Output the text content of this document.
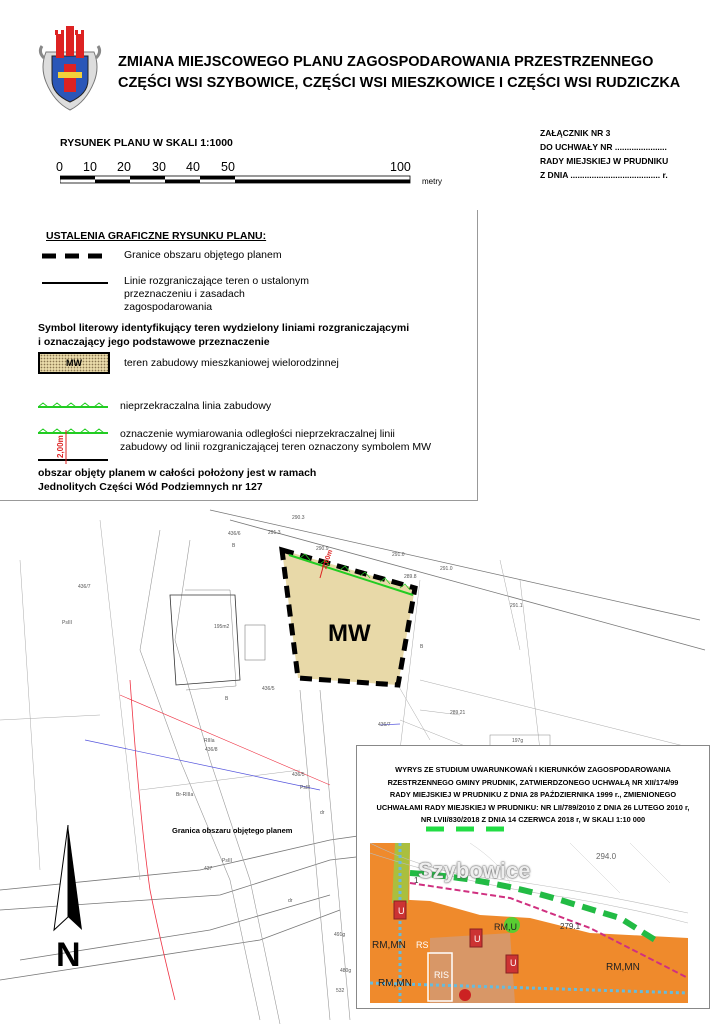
ZMIANA MIEJSCOWEGO PLANU ZAGOSPODAROWANIA PRZESTRZENNEGO
CZĘŚCI WSI SZYBOWICE, CZĘŚCI WSI MIESZKOWICE I CZĘŚCI WSI RUDZICZKA
RYSUNEK PLANU W SKALI 1:1000
ZAŁĄCZNIK NR 3
DO UCHWAŁY NR ......................
RADY MIEJSKIEJ W PRUDNIKU
Z DNIA ...................................... r.
0 10 20 30 40 50	100
metry
USTALENIA GRAFICZNE RYSUNKU PLANU:
Granice obszaru objętego planem
Linie rozgraniczające teren o ustalonym
przeznaczeniu i zasadach
zagospodarowania
Symbol literowy identyfikujący teren wydzielony liniami rozgraniczającymi
i oznaczający jego podstawowe przeznaczenie
MW	teren zabudowy mieszkaniowej wielorodzinnej
nieprzekraczalna linia zabudowy
2,00m
oznaczenie wymiarowania odległości nieprzekraczalnej linii
zabudowy od linii rozgraniczającej teren oznaczony symbolem MW
obszar objęty planem w całości położony jest w ramach
Jednolitych Części Wód Podziemnych nr 127
MW
2,00m
436/6
436/7
436/5
436/8
436/7
436/5
437
PsIII
PsIII
RIIIa
Br-RIIIa
PsIII
195m2
197g
491g
480g
532
B
B
B
dr
dr
291.3
290.3
291.0
291.0
289.8
289.21
291.1
290.9
N
WYRYS ZE STUDIUM UWARUNKOWAŃ I KIERUNKÓW ZAGOSPODAROWANIA
RZESTRZENNEGO GMINY PRUDNIK, ZATWIERDZONEGO UCHWAŁĄ NR XII/174/99
RADY MIEJSKIEJ W PRUDNIKU Z DNIA 28 PAŹDZIERNIKA 1999 r., ZMIENIONEGO
UCHWAŁAMI RADY MIEJSKIEJ W PRUDNIKU: NR LII/789/2010 Z DNIA 26 LUTEGO 2010 r,
NR LVII/830/2018 Z DNIA 14 CZERWCA 2018 r, W SKALI 1:10 000
Granica obszaru objętego planem
Szybowice
294.0
279.1
RM,MN
RM,MN
RM,MN
RS
RIS
U
U
U
RM,U
1
